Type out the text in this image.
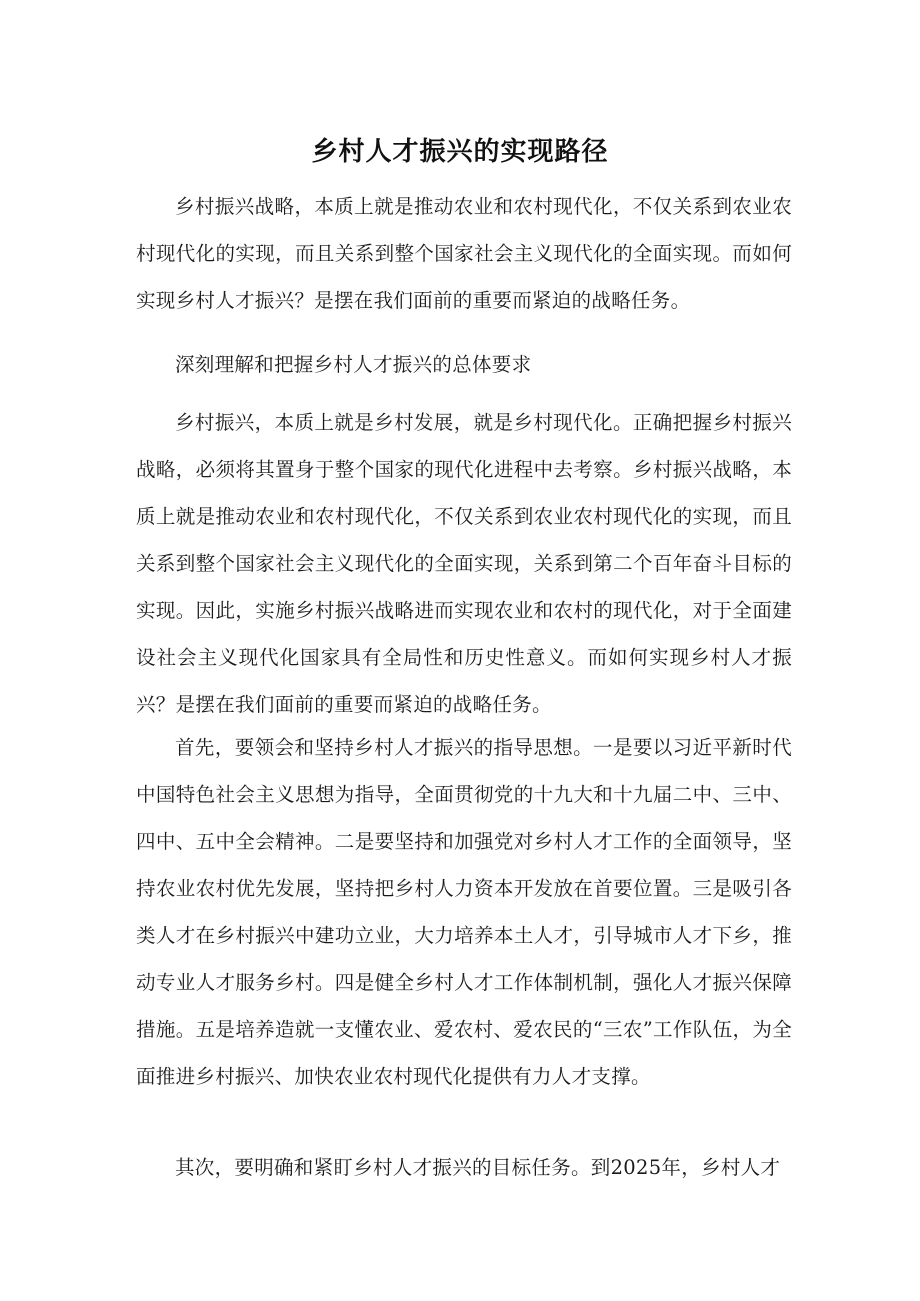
乡村人才振兴的实现路径

乡村振兴战略，本质上就是推动农业和农村现代化，不仅关系到农业农村现代化的实现，而且关系到整个国家社会主义现代化的全面实现。而如何实现乡村人才振兴？是摆在我们面前的重要而紧迫的战略任务。

深刻理解和把握乡村人才振兴的总体要求

乡村振兴，本质上就是乡村发展，就是乡村现代化。正确把握乡村振兴战略，必须将其置身于整个国家的现代化进程中去考察。乡村振兴战略，本质上就是推动农业和农村现代化，不仅关系到农业农村现代化的实现，而且关系到整个国家社会主义现代化的全面实现，关系到第二个百年奋斗目标的实现。因此，实施乡村振兴战略进而实现农业和农村的现代化，对于全面建设社会主义现代化国家具有全局性和历史性意义。而如何实现乡村人才振兴？是摆在我们面前的重要而紧迫的战略任务。

首先，要领会和坚持乡村人才振兴的指导思想。一是要以习近平新时代中国特色社会主义思想为指导，全面贯彻党的十九大和十九届二中、三中、四中、五中全会精神。二是要坚持和加强党对乡村人才工作的全面领导，坚持农业农村优先发展，坚持把乡村人力资本开发放在首要位置。三是吸引各类人才在乡村振兴中建功立业，大力培养本土人才，引导城市人才下乡，推动专业人才服务乡村。四是健全乡村人才工作体制机制，强化人才振兴保障措施。五是培养造就一支懂农业、爱农村、爱农民的“三农”工作队伍，为全面推进乡村振兴、加快农业农村现代化提供有力人才支撑。

其次，要明确和紧盯乡村人才振兴的目标任务。到2025年，乡村人才
